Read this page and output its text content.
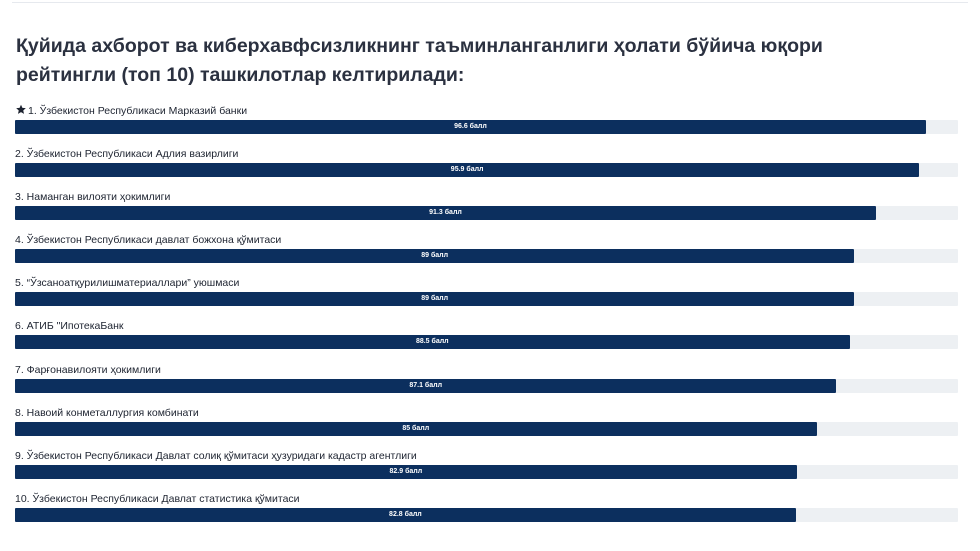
Қуйида ахборот ва киберхавфсизликнинг таъминланганлиги ҳолати бўйича юқори рейтингли (топ 10) ташкилотлар келтирилади:
1. Ўзбекистон Республикаси Марказий банки
96.6 балл
2. Ўзбекистон Республикаси Адлия вазирлиги
95.9 балл
3. Наманган вилояти ҳокимлиги
91.3 балл
4. Ўзбекистон Республикаси давлат божхона қўмитаси
89 балл
5. “Ўзсаноатқурилишматериаллари” уюшмаси
89 балл
6. АТИБ "ИпотекаБанк
88.5 балл
7. Фарғонавилояти ҳокимлиги
87.1 балл
8. Навоий конметаллургия комбинати
85 балл
9. Ўзбекистон Республикаси Давлат солиқ қўмитаси ҳузуридаги кадастр агентлиги
82.9 балл
10. Ўзбекистон Республикаси Давлат статистика қўмитаси
82.8 балл
